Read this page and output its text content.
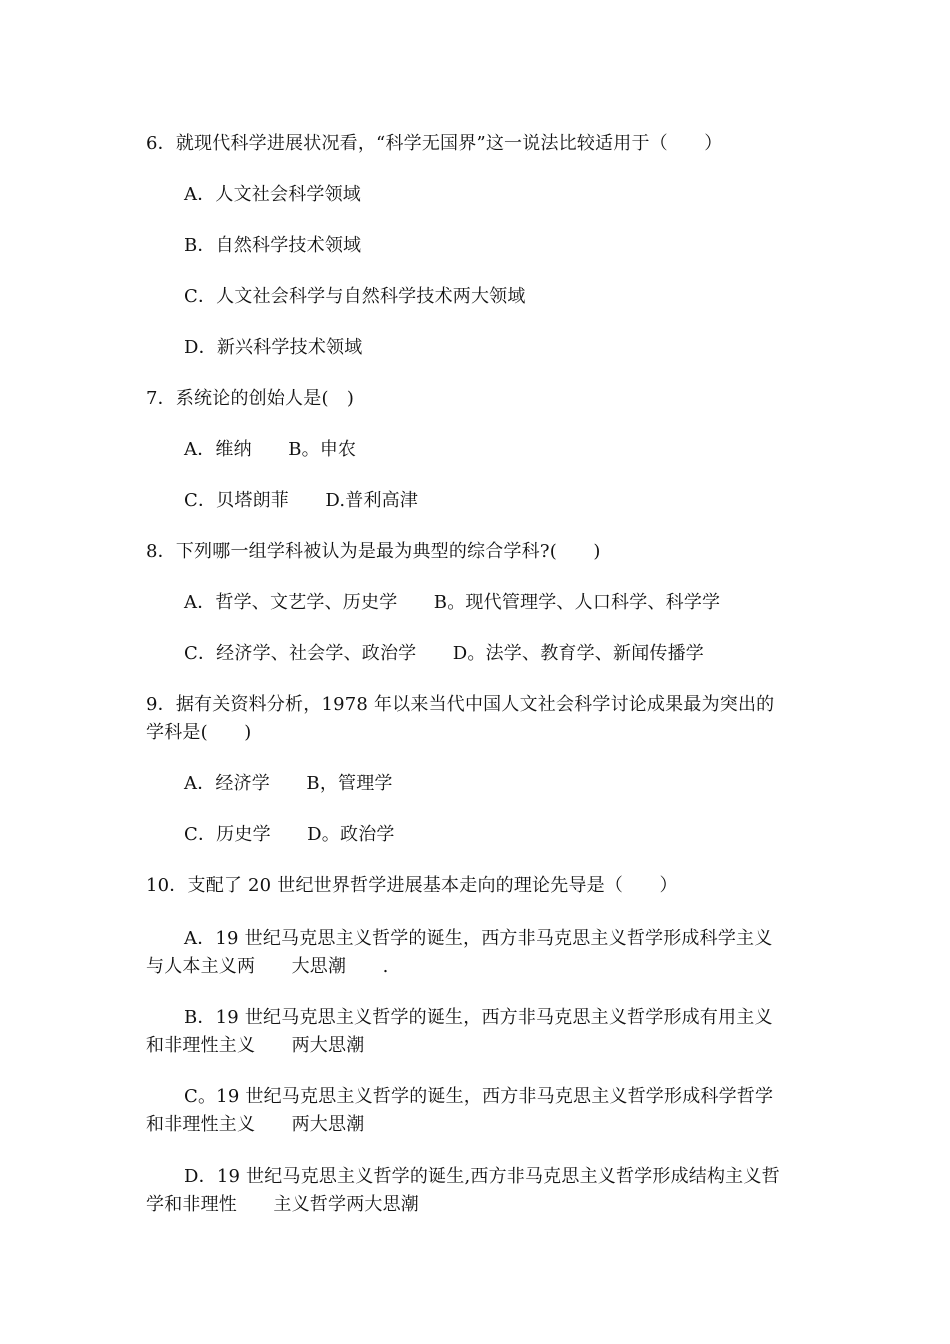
6．就现代科学进展状况看，“科学无国界”这一说法比较适用于（　　）
A．人文社会科学领域
B．自然科学技术领域
C．人文社会科学与自然科学技术两大领域
D．新兴科学技术领域
7．系统论的创始人是(　)
A．维纳　　B。申农
C．贝塔朗菲　　D.普利高津
8．下列哪一组学科被认为是最为典型的综合学科?(　　)
A．哲学、文艺学、历史学　　B。现代管理学、人口科学、科学学
C．经济学、社会学、政治学　　D。法学、教育学、新闻传播学
9．据有关资料分析，1978 年以来当代中国人文社会科学讨论成果最为突出的
学科是(　　)
A．经济学　　B，管理学
C．历史学　　D。政治学
10．支配了 20 世纪世界哲学进展基本走向的理论先导是（　　）
A．19 世纪马克思主义哲学的诞生，西方非马克思主义哲学形成科学主义
与人本主义两　　大思潮　　.
B．19 世纪马克思主义哲学的诞生，西方非马克思主义哲学形成有用主义
和非理性主义　　两大思潮
C。19 世纪马克思主义哲学的诞生，西方非马克思主义哲学形成科学哲学
和非理性主义　　两大思潮
D．19 世纪马克思主义哲学的诞生,西方非马克思主义哲学形成结构主义哲
学和非理性　　主义哲学两大思潮
